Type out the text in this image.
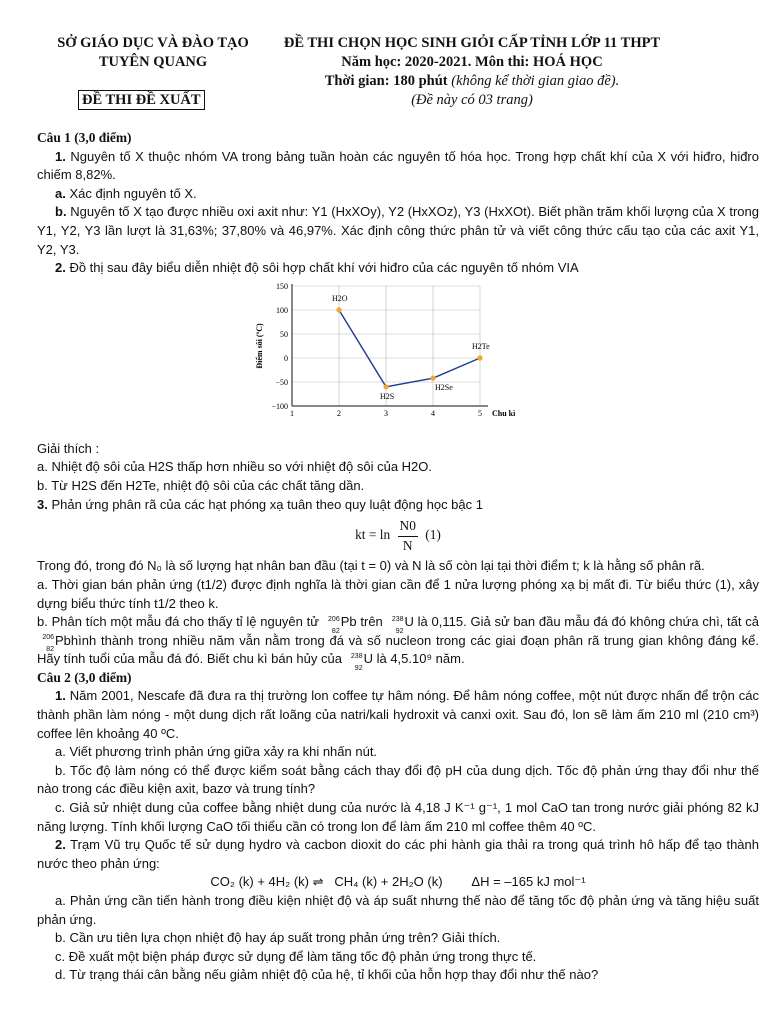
SỞ GIÁO DỤC VÀ ĐÀO TẠO
TUYÊN QUANG
ĐỀ THI CHỌN HỌC SINH GIỎI CẤP TỈNH LỚP 11 THPT
Năm học: 2020-2021. Môn thi: HOÁ HỌC
Thời gian: 180 phút (không kể thời gian giao đề).
(Đề này có 03 trang)
ĐỀ THI ĐỀ XUẤT

Câu 1 (3,0 điểm)

1. Nguyên tố X thuộc nhóm VA trong bảng tuần hoàn các nguyên tố hóa học. Trong hợp chất khí của X với hiđro, hiđro chiếm 8,82%.

a. Xác định nguyên tố X.

b. Nguyên tố X tạo được nhiều oxi axit như: Y1 (HxXOy), Y2 (HxXOz), Y3 (HxXOt). Biết phần trăm khối lượng của X trong Y1, Y2, Y3 lần lượt là 31,63%; 37,80% và 46,97%. Xác định công thức phân tử và viết công thức cấu tạo của các axit Y1, Y2, Y3.

2. Đồ thị sau đây biểu diễn nhiệt độ sôi hợp chất khí với hiđro của các nguyên tố nhóm VIA

150
100
50
0
−50
−100
1	2	3	4	5 Chu kì
Điểm sôi (ºC)
H2O
H2S
H2Se
H2Te

Giải thích :

a. Nhiệt độ sôi của H2S thấp hơn nhiều so với nhiệt độ sôi của H2O.

b. Từ H2S đến H2Te, nhiệt độ sôi của các chất tăng dần.

3. Phản ứng phân rã của các hạt phóng xạ tuân theo quy luật động học bậc 1

kt = $\ln \frac{N0}{N} (1)$

Trong đó, trong đó N₀ là số lượng hạt nhân ban đầu (tại t = 0) và N là số còn lại tại thời điểm t; k là hằng số phân rã.

a. Thời gian bán phản ứng (t1/2) được định nghĩa là thời gian cần để 1 nửa lượng phóng xạ bị mất đi. Từ biểu thức (1), xây dựng biểu thức tính t1/2 theo k.

b. Phân tích một mẫu đá cho thấy tỉ lệ nguyên tử 206
82
Pb trên 238
92
U là 0,115. Giả sử ban đầu mẫu đá đó không chứa chì, tất cả
206
82
Pbhình thành trong nhiều năm vẫn nằm trong đá và số nucleon trong các giai đoạn phân rã trung gian không đáng kể. Hãy tính tuổi của mẫu đá đó. Biết chu kì bán hủy của 238
92
U là 4,5.10⁹ năm.

Câu 2 (3,0 điểm)

1. Năm 2001, Nescafe đã đưa ra thị trường lon coffee tự hâm nóng. Để hâm nóng coffee, một nút được nhấn để trộn các thành phần làm nóng - một dung dịch rất loãng của natri/kali hydroxit và canxi oxit. Sau đó, lon sẽ làm ấm 210 ml (210 cm³) coffee lên khoảng 40 ºC.

a. Viết phương trình phản ứng giữa xảy ra khi nhấn nút.

b. Tốc độ làm nóng có thể được kiểm soát bằng cách thay đổi độ pH của dung dịch. Tốc độ phản ứng thay đổi như thế nào trong các điều kiện axit, bazơ và trung tính?

c. Giả sử nhiệt dung của coffee bằng nhiệt dung của nước là 4,18 J K⁻¹ g⁻¹, 1 mol CaO tan trong nước giải phóng 82 kJ năng lượng. Tính khối lượng CaO tối thiểu cần có trong lon để làm ấm 210 ml coffee thêm 40 ºC.

2. Trạm Vũ trụ Quốc tế sử dụng hydro và cacbon dioxit do các phi hành gia thải ra trong quá trình hô hấp để tạo thành nước theo phản ứng:

CO₂ (k) + 4H₂ (k) ⇌   CH₄ (k) + 2H₂O (k)        ΔH = –165 kJ mol⁻¹

a. Phản ứng cần tiến hành trong điều kiện nhiệt độ và áp suất nhưng thế nào để tăng tốc độ phản ứng và tăng hiệu suất phản ứng.

b. Cần ưu tiên lựa chọn nhiệt độ hay áp suất trong phản ứng trên? Giải thích.

c. Đề xuất một biện pháp được sử dụng để làm tăng tốc độ phản ứng trong thực tế.

d. Từ trạng thái cân bằng nếu giảm nhiệt độ của hệ, tỉ khối của hỗn hợp thay đổi như thế nào?
